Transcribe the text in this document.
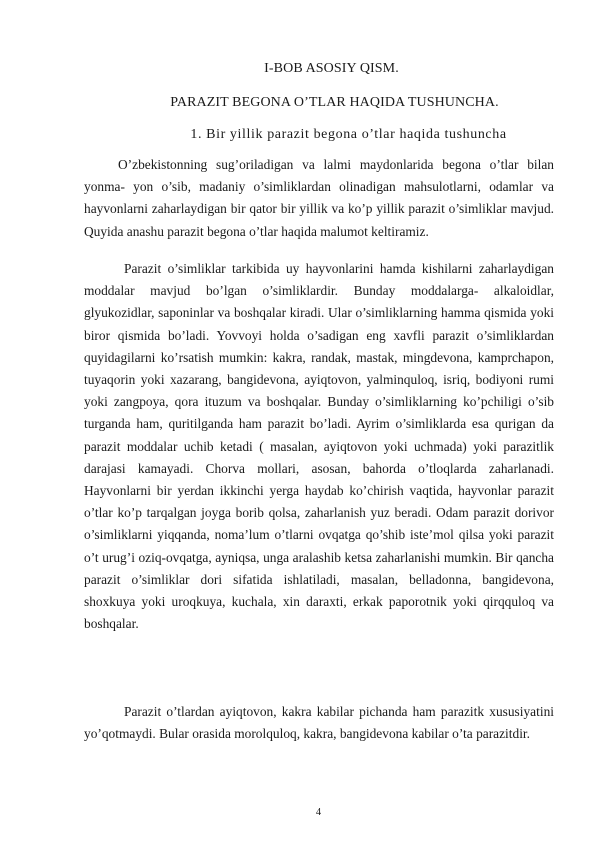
I-BOB ASOSIY QISM.
PARAZIT BEGONA O’TLAR HAQIDA TUSHUNCHA.
1. Bir yillik parazit begona o’tlar haqida tushuncha

O’zbekistonning sug’oriladigan va lalmi maydonlarida begona o’tlar bilan yonma- yon o’sib, madaniy o’simliklardan olinadigan mahsulotlarni, odamlar va hayvonlarni zaharlaydigan bir qator bir yillik va ko’p yillik parazit o’simliklar mavjud. Quyida anashu parazit begona o’tlar haqida malumot keltiramiz.

Parazit o’simliklar tarkibida uy hayvonlarini hamda kishilarni zaharlaydigan moddalar mavjud bo’lgan o’simliklardir. Bunday moddalarga- alkaloidlar, glyukozidlar, saponinlar va boshqalar kiradi. Ular o’simliklarning hamma qismida yoki biror qismida bo’ladi. Yovvoyi holda o’sadigan eng xavfli parazit o’simliklardan quyidagilarni ko’rsatish mumkin: kakra, randak, mastak, mingdevona, kamprchapon, tuyaqorin yoki xazarang, bangidevona, ayiqtovon, yalminquloq, isriq, bodiyoni rumi yoki zangpoya, qora ituzum va boshqalar. Bunday o’simliklarning ko’pchiligi o’sib turganda ham, quritilganda ham parazit bo’ladi. Ayrim o’simliklarda esa qurigan da parazit moddalar uchib ketadi ( masalan, ayiqtovon yoki uchmada) yoki parazitlik darajasi kamayadi. Chorva mollari, asosan, bahorda o’tloqlarda zaharlanadi. Hayvonlarni bir yerdan ikkinchi yerga haydab ko’chirish vaqtida, hayvonlar parazit o’tlar ko’p tarqalgan joyga borib qolsa, zaharlanish yuz beradi. Odam parazit dorivor o’simliklarni yiqqanda, noma’lum o’tlarni ovqatga qo’shib iste’mol qilsa yoki parazit o’t urug’i oziq-ovqatga, ayniqsa, unga aralashib ketsa zaharlanishi mumkin. Bir qancha parazit o’simliklar dori sifatida ishlatiladi, masalan, belladonna, bangidevona, shoxkuya yoki uroqkuya, kuchala, xin daraxti, erkak paporotnik yoki qirqquloq va boshqalar.

Parazit o’tlardan ayiqtovon, kakra kabilar pichanda ham parazitk xususiyatini yo’qotmaydi. Bular orasida morolquloq, kakra, bangidevona kabilar o’ta parazitdir.

4
